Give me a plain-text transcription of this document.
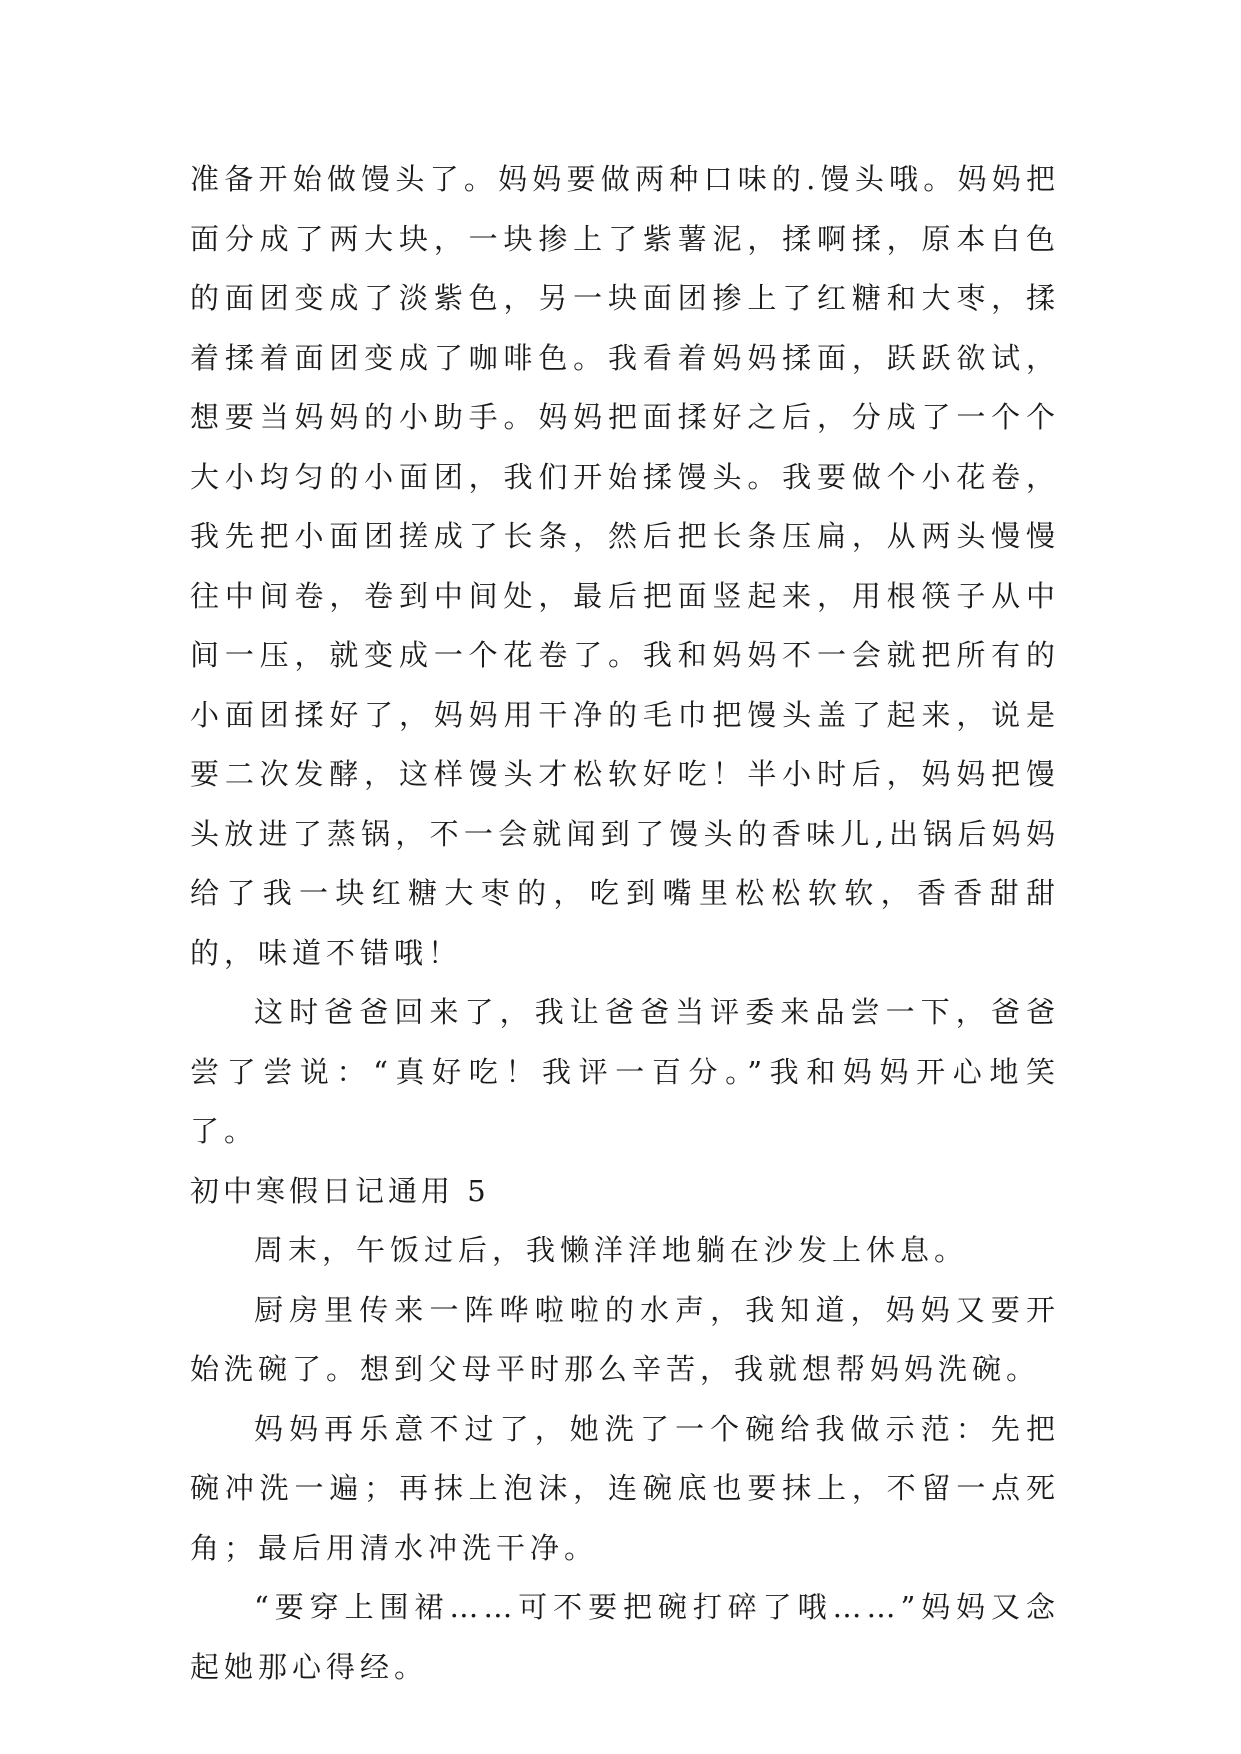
准备开始做馒头了。妈妈要做两种口味的.馒头哦。妈妈把面分成了两大块，一块掺上了紫薯泥，揉啊揉，原本白色的面团变成了淡紫色，另一块面团掺上了红糖和大枣，揉着揉着面团变成了咖啡色。我看着妈妈揉面，跃跃欲试，想要当妈妈的小助手。妈妈把面揉好之后，分成了一个个大小均匀的小面团，我们开始揉馒头。我要做个小花卷，我先把小面团搓成了长条，然后把长条压扁，从两头慢慢往中间卷，卷到中间处，最后把面竖起来，用根筷子从中间一压，就变成一个花卷了。我和妈妈不一会就把所有的小面团揉好了，妈妈用干净的毛巾把馒头盖了起来，说是要二次发酵，这样馒头才松软好吃！半小时后，妈妈把馒头放进了蒸锅，不一会就闻到了馒头的香味儿,出锅后妈妈给了我一块红糖大枣的，吃到嘴里松松软软，香香甜甜的，味道不错哦！

这时爸爸回来了，我让爸爸当评委来品尝一下，爸爸尝了尝说：“真好吃！我评一百分。”我和妈妈开心地笑了。

初中寒假日记通用 5

周末，午饭过后，我懒洋洋地躺在沙发上休息。

厨房里传来一阵哗啦啦的水声，我知道，妈妈又要开始洗碗了。想到父母平时那么辛苦，我就想帮妈妈洗碗。

妈妈再乐意不过了，她洗了一个碗给我做示范：先把碗冲洗一遍；再抹上泡沫，连碗底也要抹上，不留一点死角；最后用清水冲洗干净。

“要穿上围裙……可不要把碗打碎了哦……”妈妈又念起她那心得经。
